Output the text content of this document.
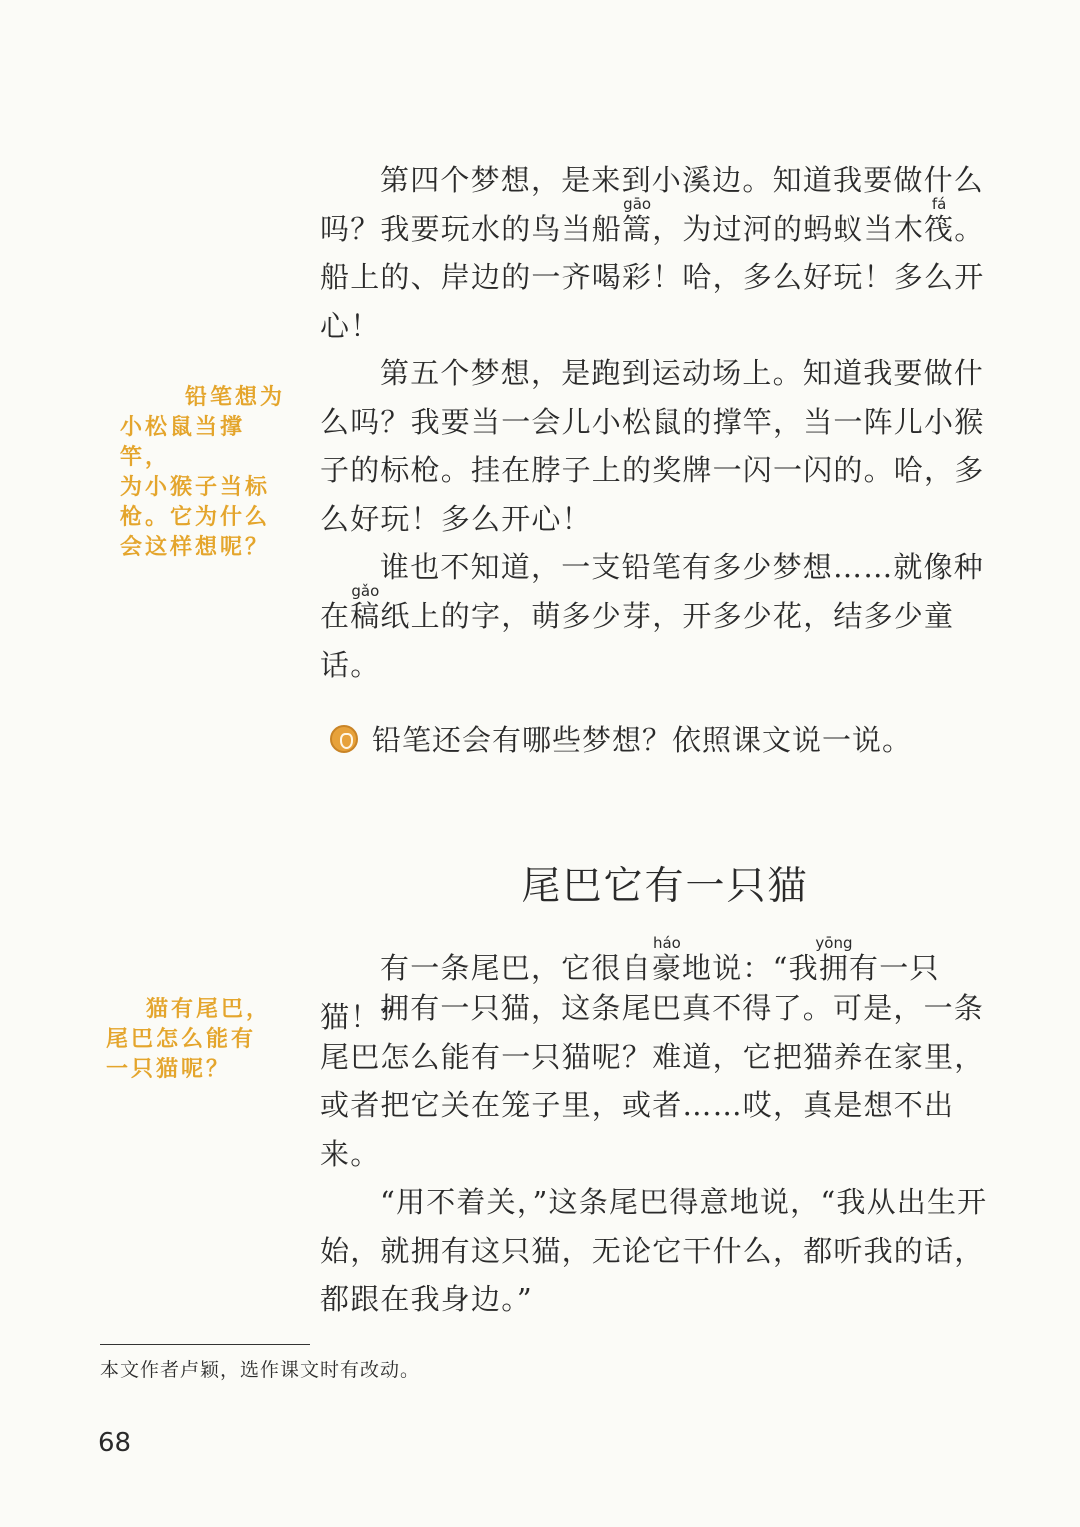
铅笔想为
小松鼠当撑竿，
为小猴子当标
枪。它为什么
会这样想呢？

第四个梦想，是来到小溪边。知道我要做什么吗？我要玩水的鸟当船篙gāo，为过河的蚂蚁当木筏fá。船上的、岸边的一齐喝彩！哈，多么好玩！多么开心！

第五个梦想，是跑到运动场上。知道我要做什么吗？我要当一会儿小松鼠的撑竿，当一阵儿小猴子的标枪。挂在脖子上的奖牌一闪一闪的。哈，多么好玩！多么开心！

谁也不知道，一支铅笔有多少梦想……就像种在稿gǎo纸上的字，萌多少芽，开多少花，结多少童话。

铅笔还会有哪些梦想？依照课文说一说。
尾巴它有一只猫
猫有尾巴，
尾巴怎么能有
一只猫呢？

有一条尾巴，它很自豪háo地说：“我拥yōng有一只猫！”

拥有一只猫，这条尾巴真不得了。可是，一条尾巴怎么能有一只猫呢？难道，它把猫养在家里，或者把它关在笼子里，或者……哎，真是想不出来。

“用不着关，”这条尾巴得意地说，“我从出生开始，就拥有这只猫，无论它干什么，都听我的话，都跟在我身边。”

本文作者卢颖，选作课文时有改动。
68
